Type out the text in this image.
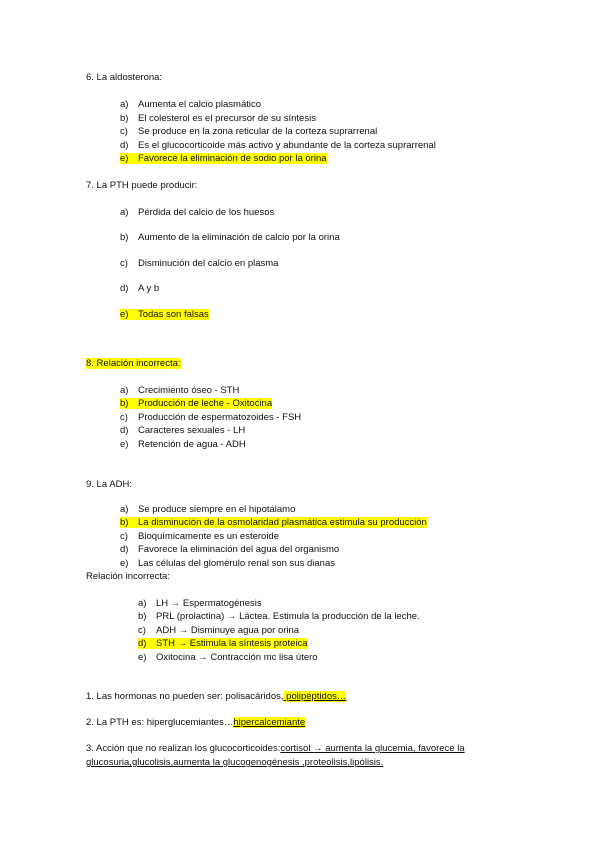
6. La aldosterona:
a) Aumenta el calcio plasmático
b) El colesterol es el precursor de su síntesis
c) Se produce en la zona reticular de la corteza suprarrenal
d) Es el glucocorticoide más activo y abundante de la corteza suprarrenal
e) Favorece la eliminación de sodio por la orina
7. La PTH puede producir:
a) Pérdida del calcio de los huesos
b) Aumento de la eliminación de calcio por la orina
c) Disminución del calcio en plasma
d) A y b
e) Todas son falsas
8. Relación incorrecta:
a) Crecimiento óseo - STH
b) Producción de leche - Oxitocina
c) Producción de espermatozoides - FSH
d) Caracteres sexuales - LH
e) Retención de agua - ADH
9. La ADH:
a) Se produce siempre en el hipotálamo
b) La disminución de la osmolaridad plasmática estimula su producción
c) Bioquímicamente es un esteroide
d) Favorece la eliminación del agua del organismo
e) Las células del glomérulo renal son sus dianas
Relación incorrecta:
a) LH → Espermatogénesis
b) PRL (prolactina) → Láctea. Estimula la producción de la leche.
c) ADH → Disminuye agua por orina
d) STH → Estimula la síntesis proteica
e) Oxitocina → Contracción mc lisa útero
1. Las hormonas no pueden ser: polisacáridos, polipéptidos…
2. La PTH es: hiperglucemiantes…hipercalcemiante
3. Acción que no realizan los glucocorticoides:cortisol → aumenta la glucemia, favorece la
glucosuria,glucolisis,aumenta la glucogenogénesis ,proteolisis,lipólisis.
